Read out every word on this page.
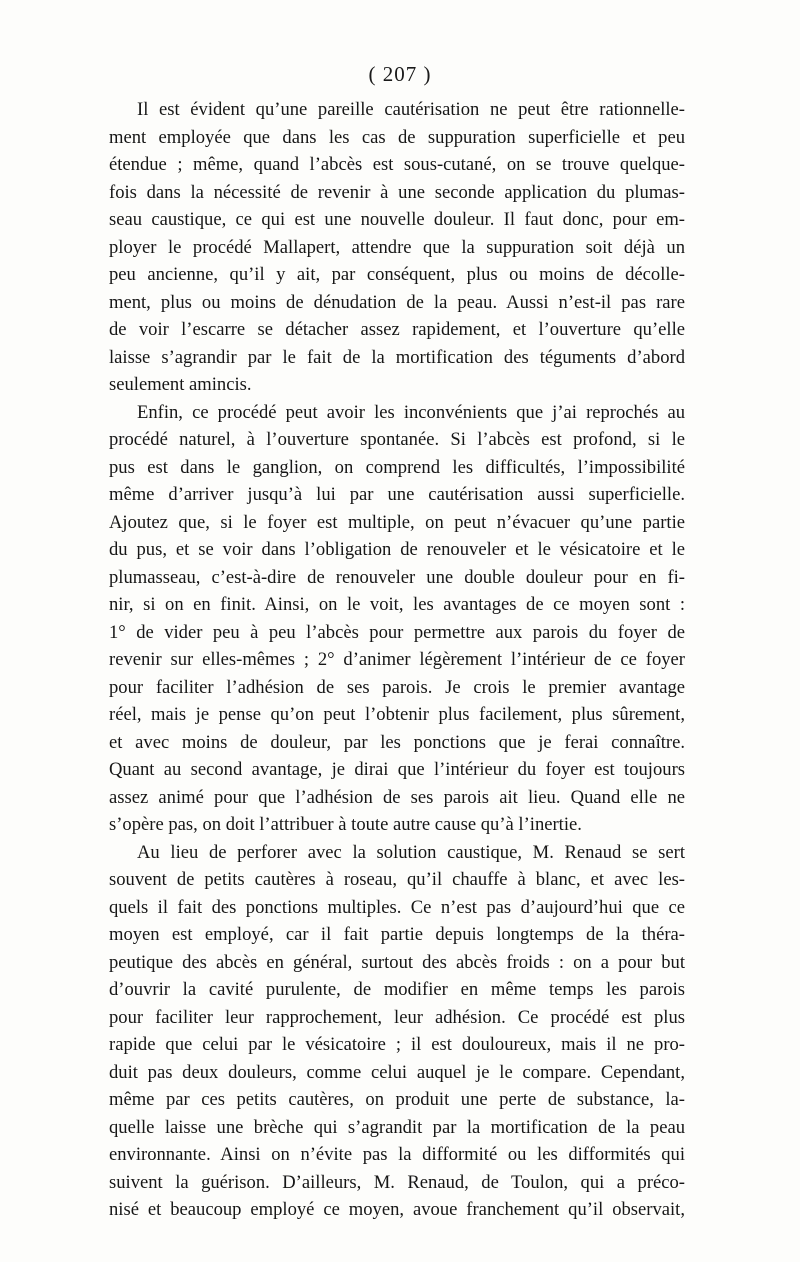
( 207 )
Il est évident qu’une pareille cautérisation ne peut être rationnelle-
ment employée que dans les cas de suppuration superficielle et peu
étendue ; même, quand l’abcès est sous-cutané, on se trouve quelque-
fois dans la nécessité de revenir à une seconde application du plumas-
seau caustique, ce qui est une nouvelle douleur. Il faut donc, pour em-
ployer le procédé Mallapert, attendre que la suppuration soit déjà un
peu ancienne, qu’il y ait, par conséquent, plus ou moins de décolle-
ment, plus ou moins de dénudation de la peau. Aussi n’est-il pas rare
de voir l’escarre se détacher assez rapidement, et l’ouverture qu’elle
laisse s’agrandir par le fait de la mortification des téguments d’abord
seulement amincis.
Enfin, ce procédé peut avoir les inconvénients que j’ai reprochés au
procédé naturel, à l’ouverture spontanée. Si l’abcès est profond, si le
pus est dans le ganglion, on comprend les difficultés, l’impossibilité
même d’arriver jusqu’à lui par une cautérisation aussi superficielle.
Ajoutez que, si le foyer est multiple, on peut n’évacuer qu’une partie
du pus, et se voir dans l’obligation de renouveler et le vésicatoire et le
plumasseau, c’est-à-dire de renouveler une double douleur pour en fi-
nir, si on en finit. Ainsi, on le voit, les avantages de ce moyen sont :
1° de vider peu à peu l’abcès pour permettre aux parois du foyer de
revenir sur elles-mêmes ; 2° d’animer légèrement l’intérieur de ce foyer
pour faciliter l’adhésion de ses parois. Je crois le premier avantage
réel, mais je pense qu’on peut l’obtenir plus facilement, plus sûrement,
et avec moins de douleur, par les ponctions que je ferai connaître.
Quant au second avantage, je dirai que l’intérieur du foyer est toujours
assez animé pour que l’adhésion de ses parois ait lieu. Quand elle ne
s’opère pas, on doit l’attribuer à toute autre cause qu’à l’inertie.
Au lieu de perforer avec la solution caustique, M. Renaud se sert
souvent de petits cautères à roseau, qu’il chauffe à blanc, et avec les-
quels il fait des ponctions multiples. Ce n’est pas d’aujourd’hui que ce
moyen est employé, car il fait partie depuis longtemps de la théra-
peutique des abcès en général, surtout des abcès froids : on a pour but
d’ouvrir la cavité purulente, de modifier en même temps les parois
pour faciliter leur rapprochement, leur adhésion. Ce procédé est plus
rapide que celui par le vésicatoire ; il est douloureux, mais il ne pro-
duit pas deux douleurs, comme celui auquel je le compare. Cependant,
même par ces petits cautères, on produit une perte de substance, la-
quelle laisse une brèche qui s’agrandit par la mortification de la peau
environnante. Ainsi on n’évite pas la difformité ou les difformités qui
suivent la guérison. D’ailleurs, M. Renaud, de Toulon, qui a préco-
nisé et beaucoup employé ce moyen, avoue franchement qu’il observait,
